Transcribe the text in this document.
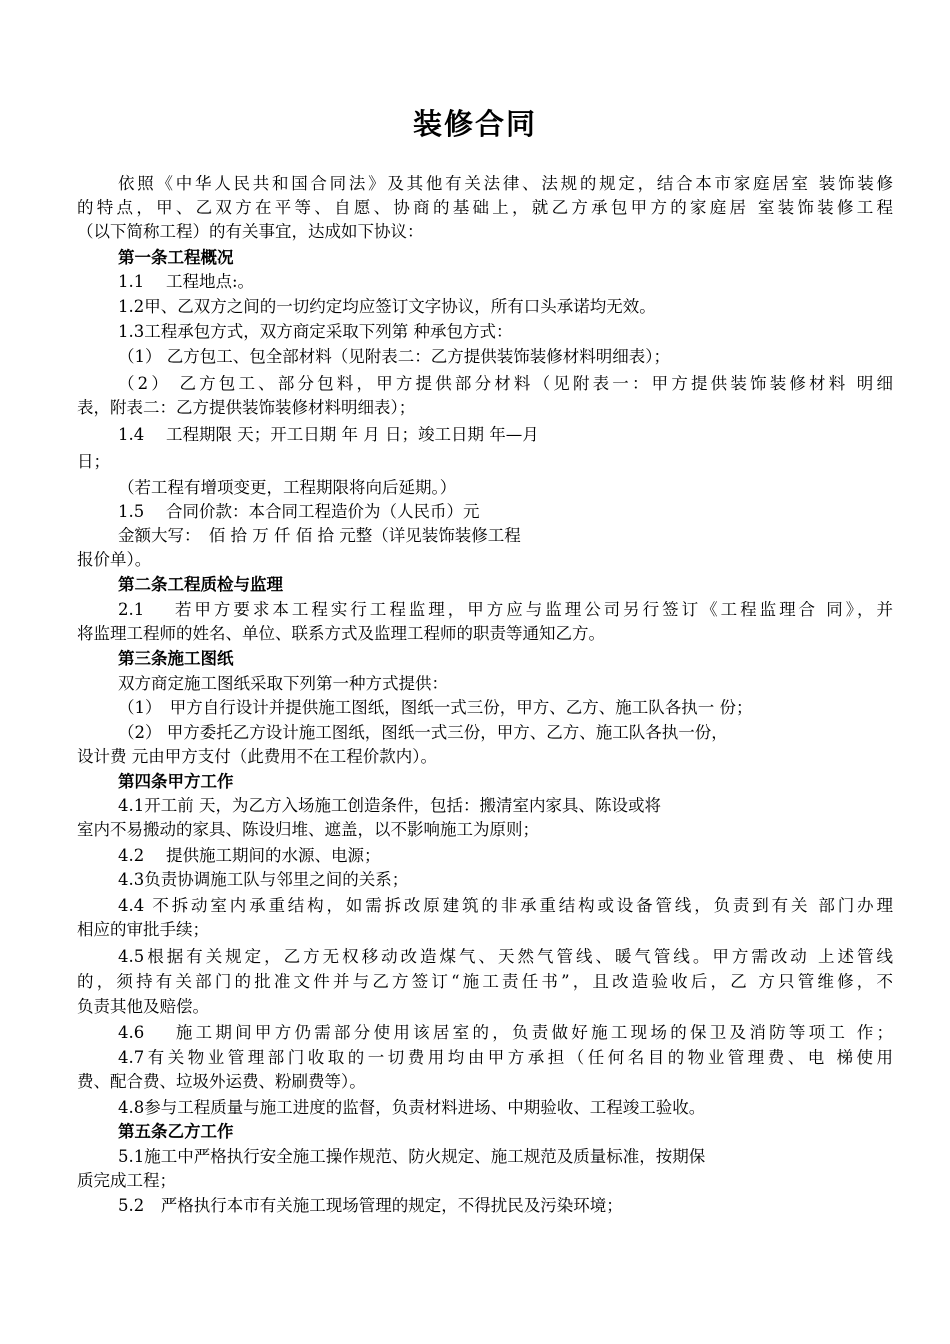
装修合同
依照《中华人民共和国合同法》及其他有关法律、法规的规定，结合本市家庭居室 装饰装修
的特点，甲、乙双方在平等、自愿、协商的基础上，就乙方承包甲方的家庭居 室装饰装修工程
（以下简称工程）的有关事宜，达成如下协议：
第一条工程概况
1.1　 工程地点:。
1.2甲、乙双方之间的一切约定均应签订文字协议，所有口头承诺均无效。
1.3工程承包方式，双方商定采取下列第 种承包方式：
（1） 乙方包工、包全部材料（见附表二：乙方提供装饰装修材料明细表）；
（2） 乙方包工、部分包料，甲方提供部分材料（见附表一：甲方提供装饰装修材料 明细
表，附表二：乙方提供装饰装修材料明细表）；
1.4　 工程期限 天；开工日期 年 月 日；竣工日期 年—月
日；
（若工程有增项变更，工程期限将向后延期。）
1.5　 合同价款：本合同工程造价为（人民币）元
金额大写：　佰 拾 万 仟 佰 拾 元整（详见装饰装修工程
报价单）。
第二条工程质检与监理
2.1　 若甲方要求本工程实行工程监理，甲方应与监理公司另行签订《工程监理合 同》，并
将监理工程师的姓名、单位、联系方式及监理工程师的职责等通知乙方。
第三条施工图纸
双方商定施工图纸采取下列第一种方式提供：
（1）　甲方自行设计并提供施工图纸，图纸一式三份，甲方、乙方、施工队各执一 份；
（2） 甲方委托乙方设计施工图纸，图纸一式三份，甲方、乙方、施工队各执一份，
设计费 元由甲方支付（此费用不在工程价款内）。
第四条甲方工作
4.1开工前 天，为乙方入场施工创造条件，包括：搬清室内家具、陈设或将
室内不易搬动的家具、陈设归堆、遮盖，以不影响施工为原则；
4.2　 提供施工期间的水源、电源；
4.3负责协调施工队与邻里之间的关系；
4.4 不拆动室内承重结构，如需拆改原建筑的非承重结构或设备管线，负责到有关 部门办理
相应的审批手续；
4.5根据有关规定，乙方无权移动改造煤气、天然气管线、暖气管线。甲方需改动 上述管线
的，须持有关部门的批准文件并与乙方签订“施工责任书”，且改造验收后，乙 方只管维修，不
负责其他及赔偿。
4.6　 施工期间甲方仍需部分使用该居室的，负责做好施工现场的保卫及消防等项工 作；
4.7有关物业管理部门收取的一切费用均由甲方承担（任何名目的物业管理费、电 梯使用
费、配合费、垃圾外运费、粉刷费等）。
4.8参与工程质量与施工进度的监督，负责材料进场、中期验收、工程竣工验收。
第五条乙方工作
5.1施工中严格执行安全施工操作规范、防火规定、施工规范及质量标准，按期保
质完成工程；
5.2　严格执行本市有关施工现场管理的规定，不得扰民及污染环境；
